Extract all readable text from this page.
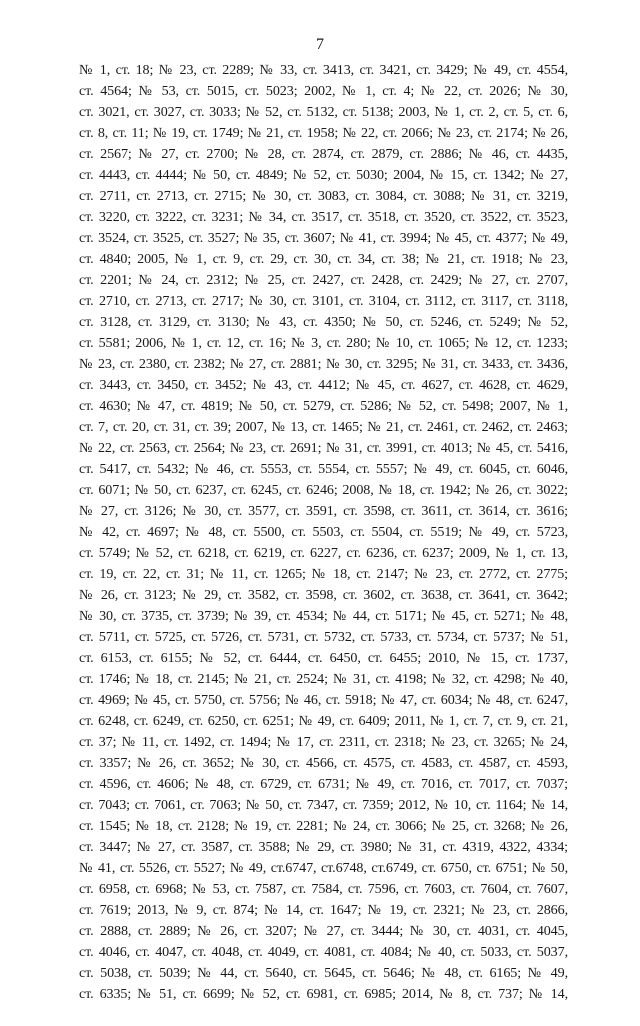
7
№ 1, ст. 18; № 23, ст. 2289; № 33, ст. 3413, ст. 3421, ст. 3429; № 49, ст. 4554,
ст. 4564; № 53, ст. 5015, ст. 5023; 2002, № 1, ст. 4; № 22, ст. 2026; № 30,
ст. 3021, ст. 3027, ст. 3033; № 52, ст. 5132, ст. 5138; 2003, № 1, ст. 2, ст. 5, ст. 6,
ст. 8, ст. 11; № 19, ст. 1749; № 21, ст. 1958; № 22, ст. 2066; № 23, ст. 2174; № 26,
ст. 2567; № 27, ст. 2700; № 28, ст. 2874, ст. 2879, ст. 2886; № 46, ст. 4435,
ст. 4443, ст. 4444; № 50, ст. 4849; № 52, ст. 5030; 2004, № 15, ст. 1342; № 27,
ст. 2711, ст. 2713, ст. 2715; № 30, ст. 3083, ст. 3084, ст. 3088; № 31, ст. 3219,
ст. 3220, ст. 3222, ст. 3231; № 34, ст. 3517, ст. 3518, ст. 3520, ст. 3522, ст. 3523,
ст. 3524, ст. 3525, ст. 3527; № 35, ст. 3607; № 41, ст. 3994; № 45, ст. 4377; № 49,
ст. 4840; 2005, № 1, ст. 9, ст. 29, ст. 30, ст. 34, ст. 38; № 21, ст. 1918; № 23,
ст. 2201; № 24, ст. 2312; № 25, ст. 2427, ст. 2428, ст. 2429; № 27, ст. 2707,
ст. 2710, ст. 2713, ст. 2717; № 30, ст. 3101, ст. 3104, ст. 3112, ст. 3117, ст. 3118,
ст. 3128, ст. 3129, ст. 3130; № 43, ст. 4350; № 50, ст. 5246, ст. 5249; № 52,
ст. 5581; 2006, № 1, ст. 12, ст. 16; № 3, ст. 280; № 10, ст. 1065; № 12, ст. 1233;
№ 23, ст. 2380, ст. 2382; № 27, ст. 2881; № 30, ст. 3295; № 31, ст. 3433, ст. 3436,
ст. 3443, ст. 3450, ст. 3452; № 43, ст. 4412; № 45, ст. 4627, ст. 4628, ст. 4629,
ст. 4630; № 47, ст. 4819; № 50, ст. 5279, ст. 5286; № 52, ст. 5498; 2007, № 1,
ст. 7, ст. 20, ст. 31, ст. 39; 2007, № 13, ст. 1465; № 21, ст. 2461, ст. 2462, ст. 2463;
№ 22, ст. 2563, ст. 2564; № 23, ст. 2691; № 31, ст. 3991, ст. 4013; № 45, ст. 5416,
ст. 5417, ст. 5432; № 46, ст. 5553, ст. 5554, ст. 5557; № 49, ст. 6045, ст. 6046,
ст. 6071; № 50, ст. 6237, ст. 6245, ст. 6246; 2008, № 18, ст. 1942; № 26, ст. 3022;
№ 27, ст. 3126; № 30, ст. 3577, ст. 3591, ст. 3598, ст. 3611, ст. 3614, ст. 3616;
№ 42, ст. 4697; № 48, ст. 5500, ст. 5503, ст. 5504, ст. 5519; № 49, ст. 5723,
ст. 5749; № 52, ст. 6218, ст. 6219, ст. 6227, ст. 6236, ст. 6237; 2009, № 1, ст. 13,
ст. 19, ст. 22, ст. 31; № 11, ст. 1265; № 18, ст. 2147; № 23, ст. 2772, ст. 2775;
№ 26, ст. 3123; № 29, ст. 3582, ст. 3598, ст. 3602, ст. 3638, ст. 3641, ст. 3642;
№ 30, ст. 3735, ст. 3739; № 39, ст. 4534; № 44, ст. 5171; № 45, ст. 5271; № 48,
ст. 5711, ст. 5725, ст. 5726, ст. 5731, ст. 5732, ст. 5733, ст. 5734, ст. 5737; № 51,
ст. 6153, ст. 6155; № 52, ст. 6444, ст. 6450, ст. 6455; 2010, № 15, ст. 1737,
ст. 1746; № 18, ст. 2145; № 21, ст. 2524; № 31, ст. 4198; № 32, ст. 4298; № 40,
ст. 4969; № 45, ст. 5750, ст. 5756; № 46, ст. 5918; № 47, ст. 6034; № 48, ст. 6247,
ст. 6248, ст. 6249, ст. 6250, ст. 6251; № 49, ст. 6409; 2011, № 1, ст. 7, ст. 9, ст. 21,
ст. 37; № 11, ст. 1492, ст. 1494; № 17, ст. 2311, ст. 2318; № 23, ст. 3265; № 24,
ст. 3357; № 26, ст. 3652; № 30, ст. 4566, ст. 4575, ст. 4583, ст. 4587, ст. 4593,
ст. 4596, ст. 4606; № 48, ст. 6729, ст. 6731; № 49, ст. 7016, ст. 7017, ст. 7037;
ст. 7043; ст. 7061, ст. 7063; № 50, ст. 7347, ст. 7359; 2012, № 10, ст. 1164; № 14,
ст. 1545; № 18, ст. 2128; № 19, ст. 2281; № 24, ст. 3066; № 25, ст. 3268; № 26,
ст. 3447; № 27, ст. 3587, ст. 3588; № 29, ст. 3980; № 31, ст. 4319, 4322, 4334;
№ 41, ст. 5526, ст. 5527; № 49, ст.6747, ст.6748, ст.6749, ст. 6750, ст. 6751; № 50,
ст. 6958, ст. 6968; № 53, ст. 7587, ст. 7584, ст. 7596, ст. 7603, ст. 7604, ст. 7607,
ст. 7619; 2013, № 9, ст. 874; № 14, ст. 1647; № 19, ст. 2321; № 23, ст. 2866,
ст. 2888, ст. 2889; № 26, ст. 3207; № 27, ст. 3444; № 30, ст. 4031, ст. 4045,
ст. 4046, ст. 4047, ст. 4048, ст. 4049, ст. 4081, ст. 4084; № 40, ст. 5033, ст. 5037,
ст. 5038, ст. 5039; № 44, ст. 5640, ст. 5645, ст. 5646; № 48, ст. 6165; № 49,
ст. 6335; № 51, ст. 6699; № 52, ст. 6981, ст. 6985; 2014, № 8, ст. 737; № 14,
